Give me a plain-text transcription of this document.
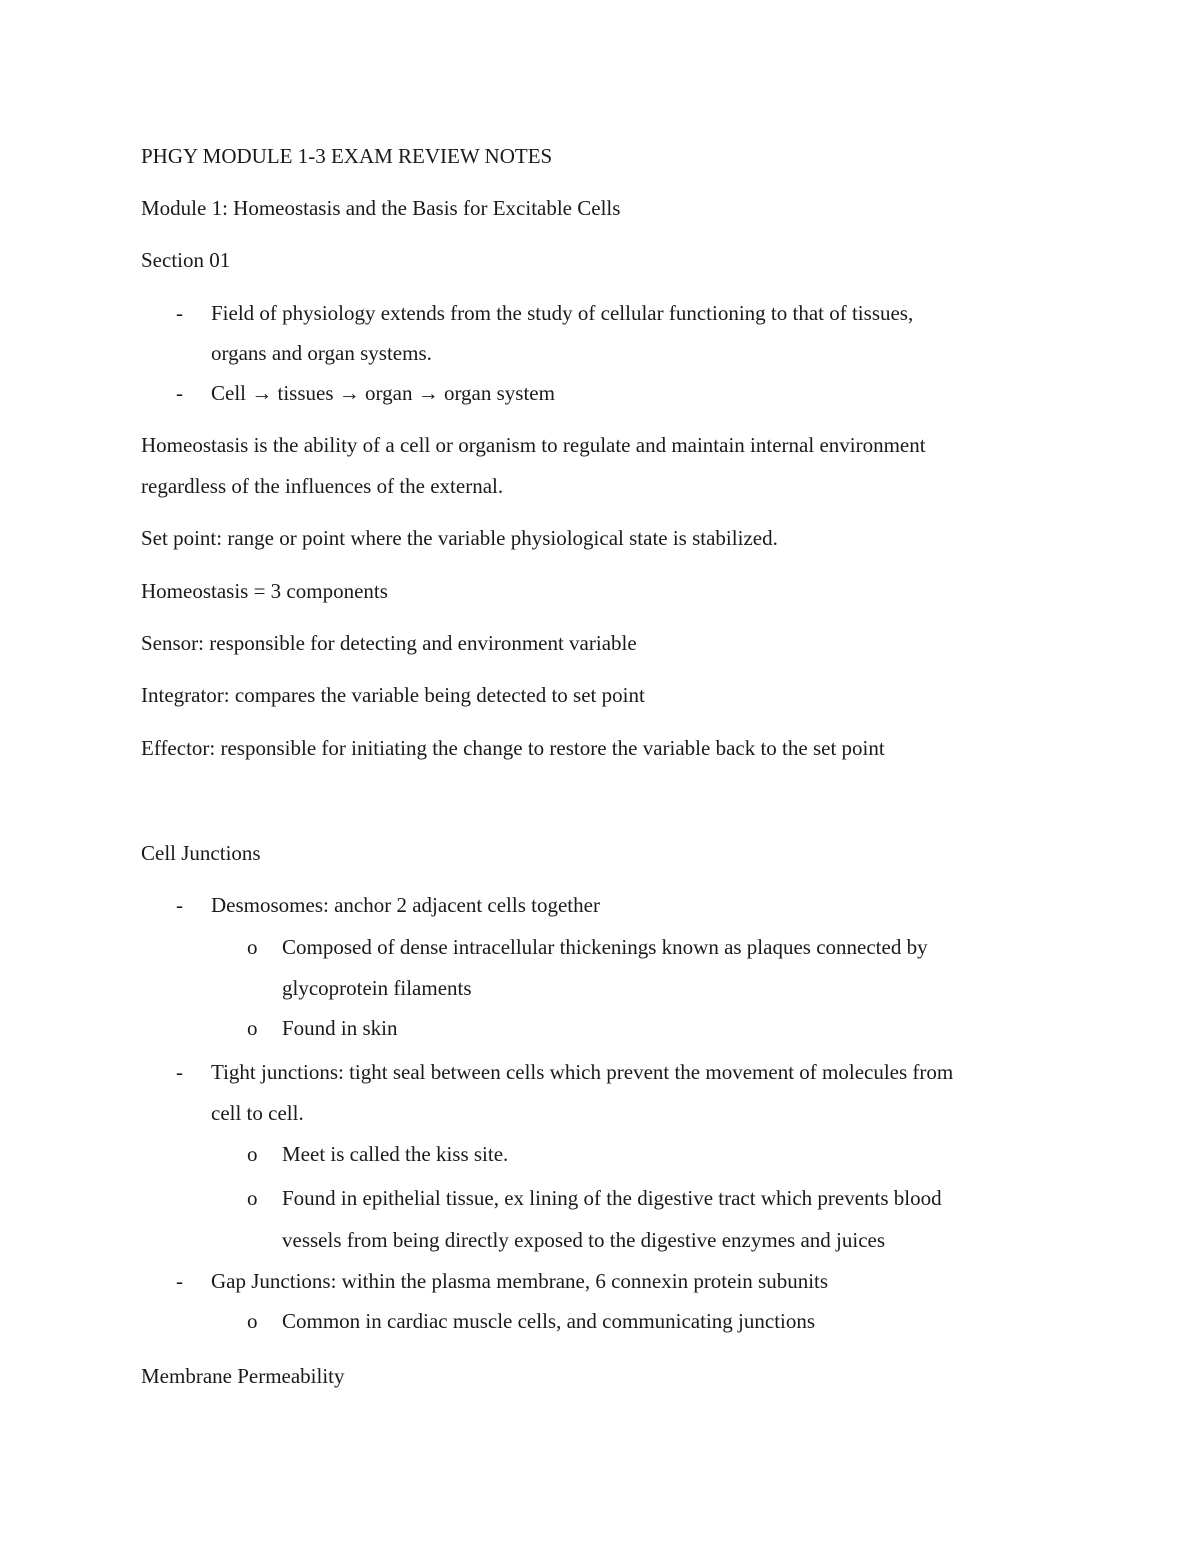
PHGY MODULE 1-3 EXAM REVIEW NOTES
Module 1: Homeostasis and the Basis for Excitable Cells
Section 01
- Field of physiology extends from the study of cellular functioning to that of tissues,
organs and organ systems.
- Cell → tissues → organ → organ system
Homeostasis is the ability of a cell or organism to regulate and maintain internal environment
regardless of the influences of the external.
Set point: range or point where the variable physiological state is stabilized.
Homeostasis = 3 components
Sensor: responsible for detecting and environment variable
Integrator: compares the variable being detected to set point
Effector: responsible for initiating the change to restore the variable back to the set point
Cell Junctions
- Desmosomes: anchor 2 adjacent cells together
o Composed of dense intracellular thickenings known as plaques connected by
glycoprotein filaments
o Found in skin
- Tight junctions: tight seal between cells which prevent the movement of molecules from
cell to cell.
o Meet is called the kiss site.
o Found in epithelial tissue, ex lining of the digestive tract which prevents blood
vessels from being directly exposed to the digestive enzymes and juices
- Gap Junctions: within the plasma membrane, 6 connexin protein subunits
o Common in cardiac muscle cells, and communicating junctions
Membrane Permeability
